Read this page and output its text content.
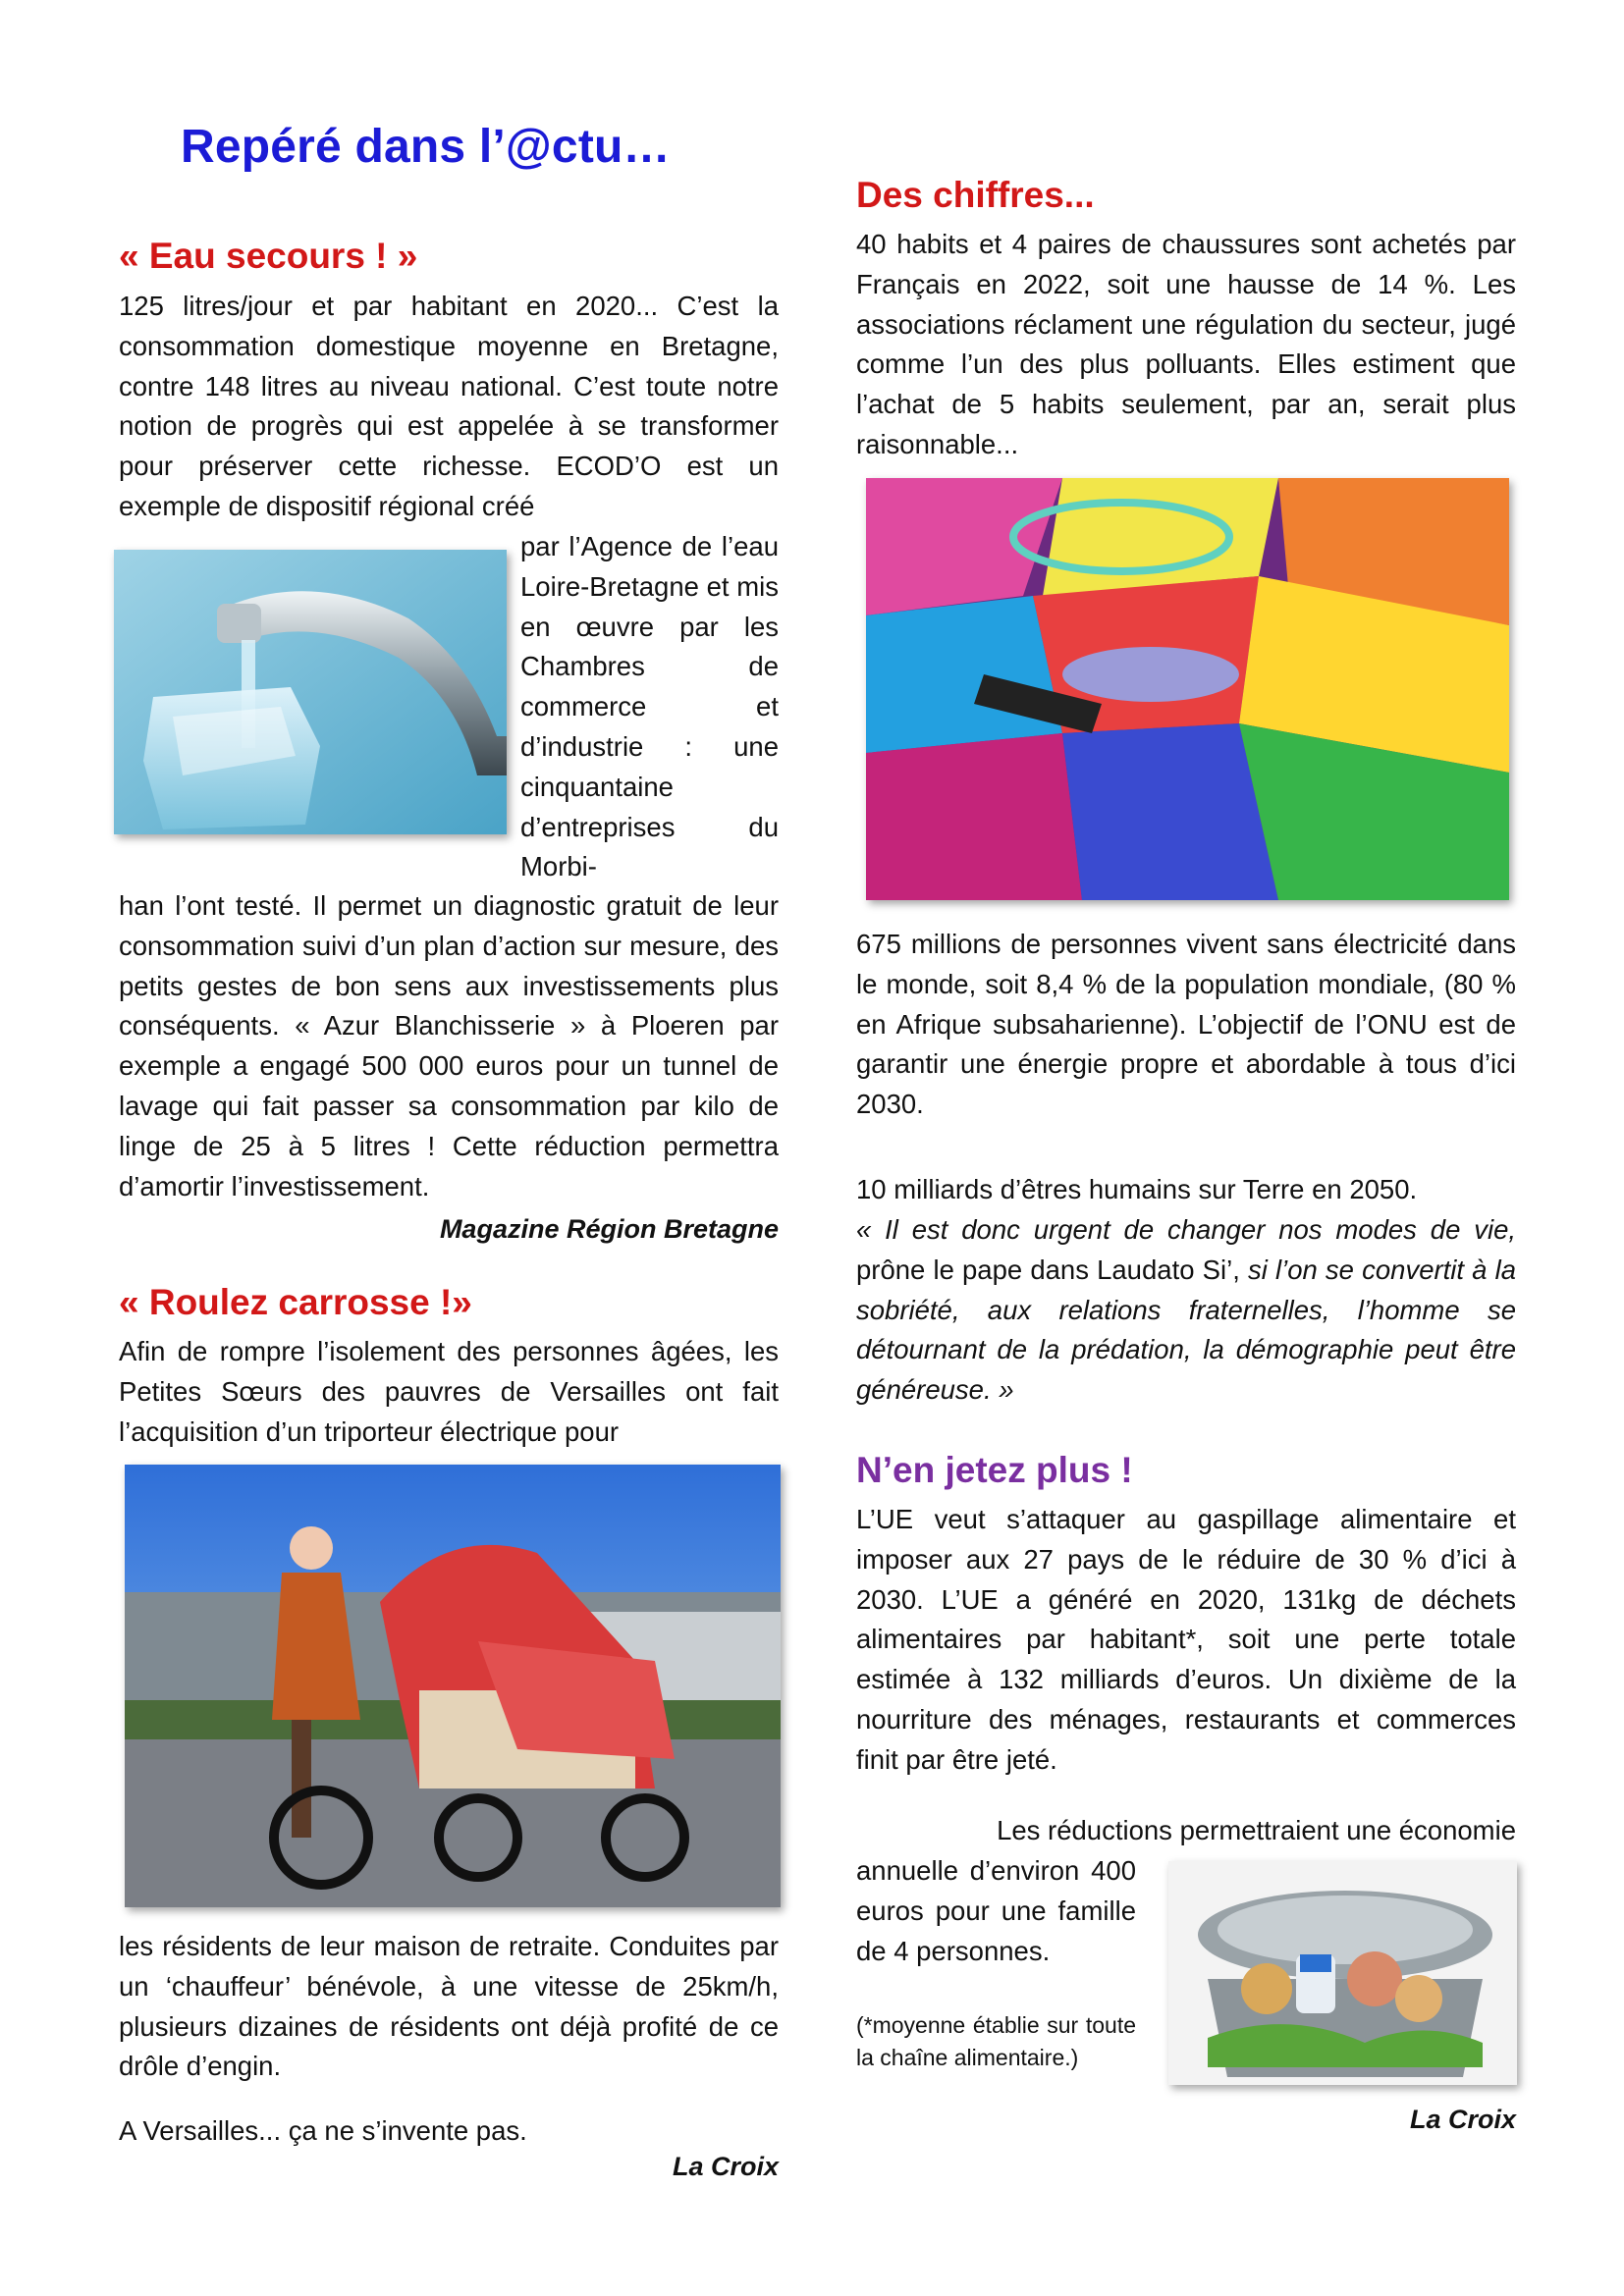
Repéré dans l’@ctu…
« Eau secours ! »

125 litres/jour et par habitant en 2020... C’est la consommation domestique moyenne en Bretagne, contre 148 litres au niveau national. C’est toute notre notion de progrès qui est appelée à se transformer pour préserver cette richesse. ECOD’O est un exemple de dispositif régional créé

par l’Agence de l’eau Loire-Bretagne et mis en œuvre par les Chambres de commerce et d’industrie : une cinquantaine d’entreprises du Morbi-

han l’ont testé. Il permet un diagnostic gratuit de leur consommation suivi d’un plan d’action sur mesure, des petits gestes de bon sens aux investissements plus conséquents. « Azur Blanchisserie » à Ploeren par exemple a engagé 500 000 euros pour un tunnel de lavage qui fait passer sa consommation par kilo de linge de 25 à 5 litres ! Cette réduction permettra d’amortir l’investissement.

Magazine Région Bretagne

« Roulez carrosse !»

Afin de rompre l’isolement des personnes âgées, les Petites Sœurs des pauvres de Versailles ont fait l’acquisition d’un triporteur électrique pour

les résidents de leur maison de retraite. Conduites par un ‘chauffeur’ bénévole, à une vitesse de 25km/h, plusieurs dizaines de résidents ont déjà profité de ce drôle d’engin.

A Versailles... ça ne s’invente pas.

La Croix

Des chiffres...

40 habits et 4 paires de chaussures sont achetés par Français en 2022, soit une hausse de 14 %. Les associations réclament une régulation du secteur, jugé comme l’un des plus polluants. Elles estiment que l’achat de 5 habits seulement, par an, serait plus raisonnable...

675 millions de personnes vivent sans électricité dans le monde, soit 8,4 % de la population mondiale, (80 % en Afrique subsaharienne). L’objectif de l’ONU est de garantir une énergie propre et abordable à tous d’ici 2030.

10 milliards d’êtres humains sur Terre en 2050.

« Il est donc urgent de changer nos modes de vie, prône le pape dans Laudato Si’, si l’on se convertit à la sobriété, aux relations fraternelles, l’homme se détournant de la prédation, la démographie peut être généreuse. »

N’en jetez plus !

L’UE veut s’attaquer au gaspillage alimentaire et imposer aux 27 pays de le réduire de 30 % d’ici à 2030. L’UE a généré en 2020, 131kg de déchets alimentaires par habitant*, soit une perte totale estimée à 132 milliards d’euros. Un dixième de la nourriture des ménages, restaurants et commerces finit par être jeté.

Les réductions permettraient une économie

annuelle d’environ 400 euros pour une famille de 4 personnes.

(*moyenne établie sur toute la chaîne alimentaire.)

La Croix
